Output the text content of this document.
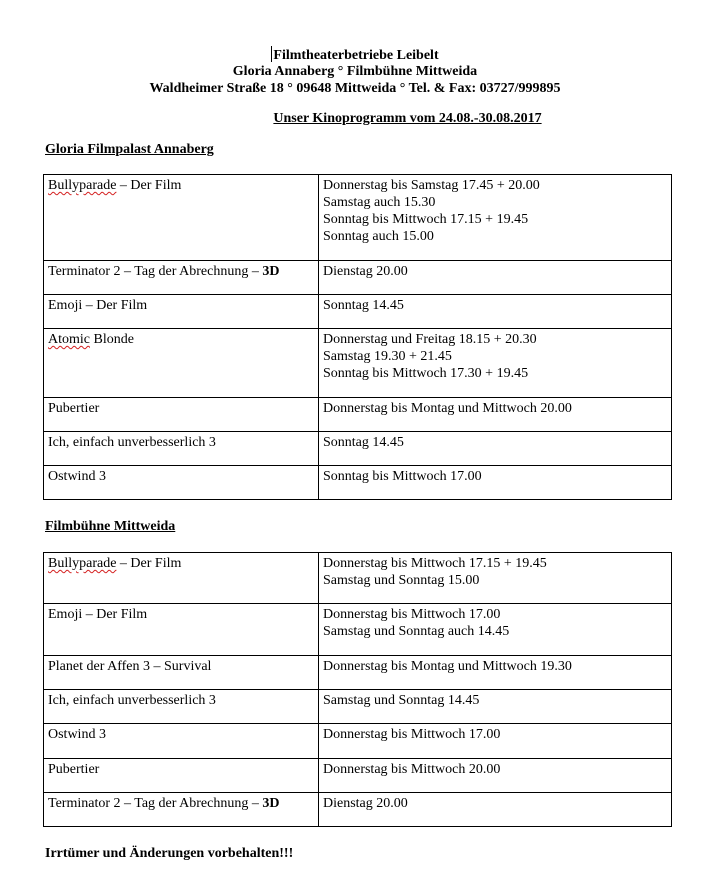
Filmtheaterbetriebe Leibelt
Gloria Annaberg ° Filmbühne Mittweida
Waldheimer Straße 18 ° 09648 Mittweida ° Tel. & Fax: 03727/999895
Unser Kinoprogramm vom 24.08.-30.08.2017
Gloria Filmpalast Annaberg
Bullyparade – Der Film	Donnerstag bis Samstag 17.45 + 20.00
Samstag auch 15.30
Sonntag bis Mittwoch 17.15 + 19.45
Sonntag auch 15.00

Terminator 2 – Tag der Abrechnung – 3D	Dienstag 20.00

Emoji – Der Film	Sonntag 14.45

Atomic Blonde	Donnerstag und Freitag 18.15 + 20.30
Samstag 19.30 + 21.45
Sonntag bis Mittwoch 17.30 + 19.45

Pubertier	Donnerstag bis Montag und Mittwoch 20.00

Ich, einfach unverbesserlich 3	Sonntag 14.45

Ostwind 3	Sonntag bis Mittwoch 17.00
Filmbühne Mittweida
Bullyparade – Der Film	Donnerstag bis Mittwoch 17.15 + 19.45
Samstag und Sonntag 15.00

Emoji – Der Film	Donnerstag bis Mittwoch 17.00
Samstag und Sonntag auch 14.45

Planet der Affen 3 – Survival	Donnerstag bis Montag und Mittwoch 19.30

Ich, einfach unverbesserlich 3	Samstag und Sonntag 14.45

Ostwind 3	Donnerstag bis Mittwoch 17.00

Pubertier	Donnerstag bis Mittwoch 20.00

Terminator 2 – Tag der Abrechnung – 3D	Dienstag 20.00
Irrtümer und Änderungen vorbehalten!!!
